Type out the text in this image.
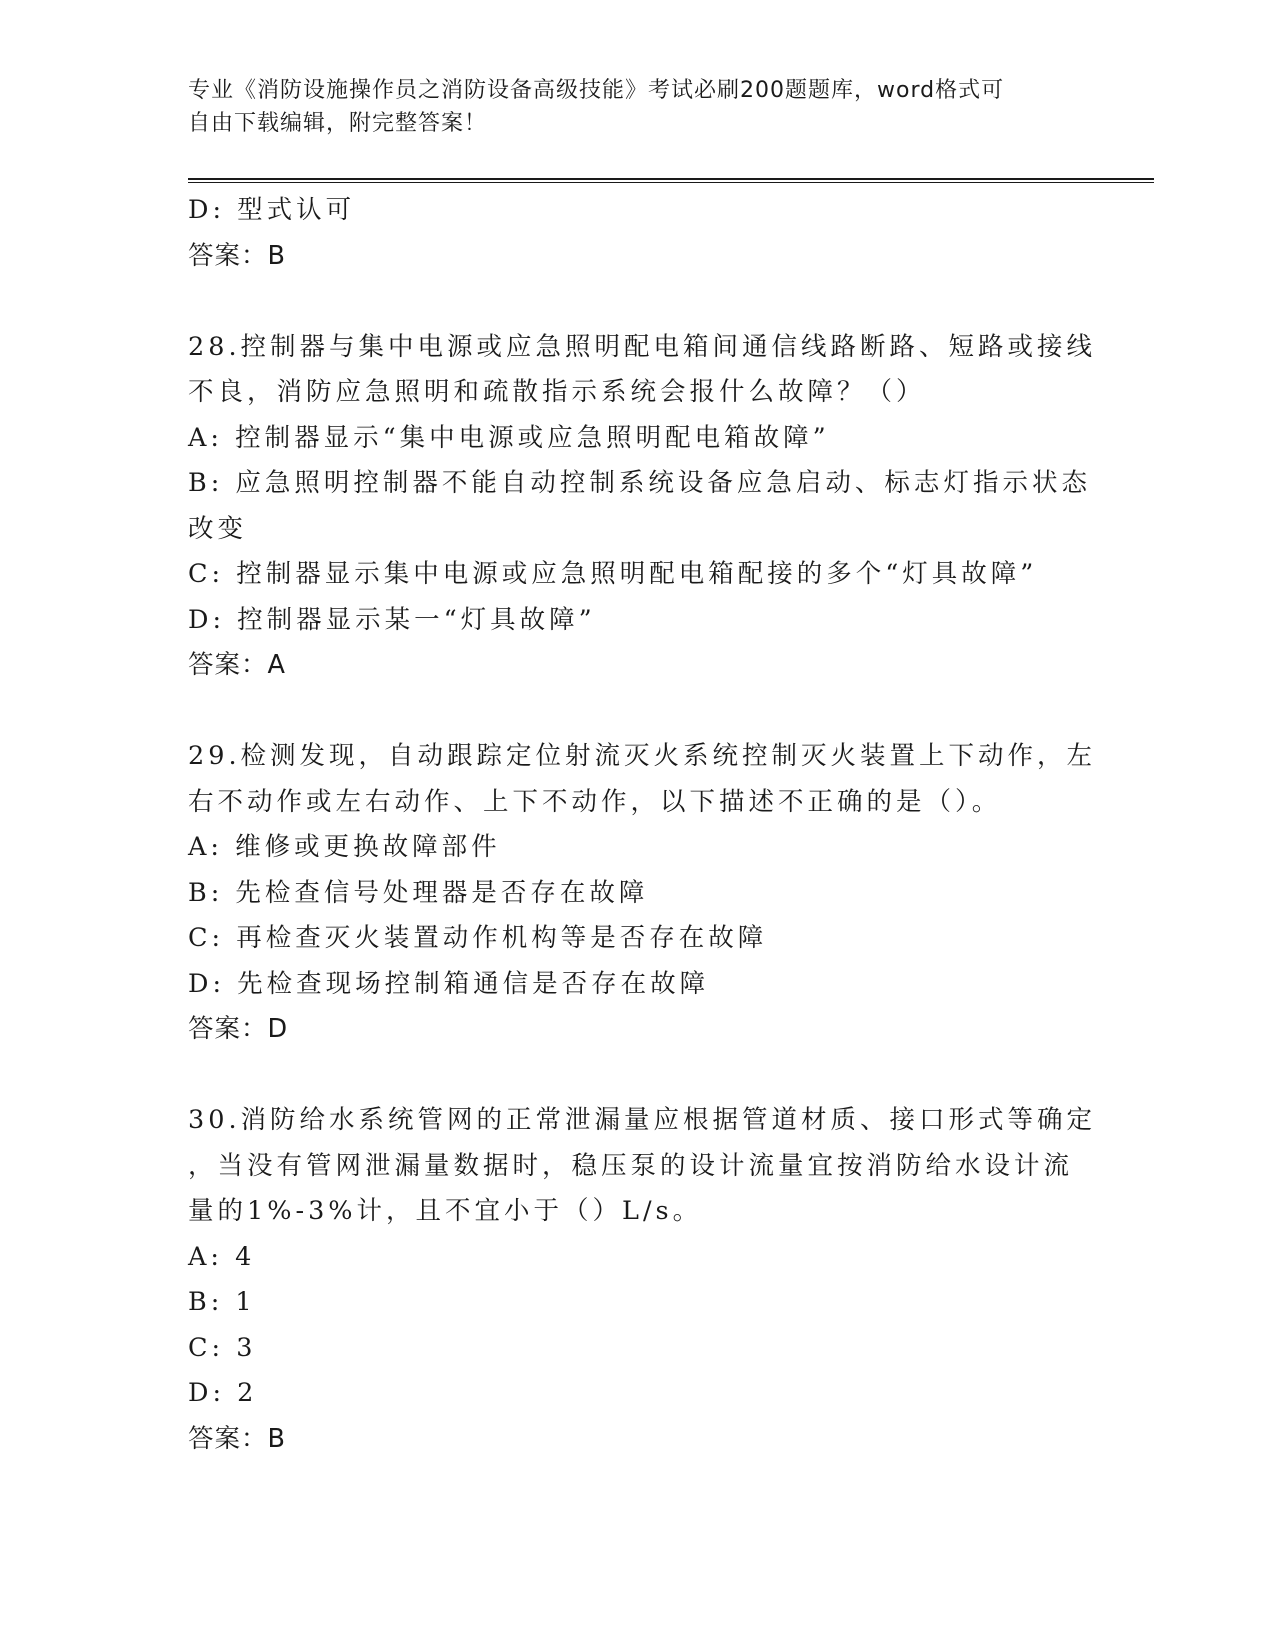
专业《消防设施操作员之消防设备高级技能》考试必刷200题题库，word格式可
自由下载编辑，附完整答案！
D: 型式认可
答案：B
28.控制器与集中电源或应急照明配电箱间通信线路断路、短路或接线
不良，消防应急照明和疏散指示系统会报什么故障？（）
A: 控制器显示“集中电源或应急照明配电箱故障”
B: 应急照明控制器不能自动控制系统设备应急启动、标志灯指示状态
改变
C: 控制器显示集中电源或应急照明配电箱配接的多个“灯具故障”
D: 控制器显示某一“灯具故障”
答案：A
29.检测发现，自动跟踪定位射流灭火系统控制灭火装置上下动作，左
右不动作或左右动作、上下不动作，以下描述不正确的是（）。
A: 维修或更换故障部件
B: 先检查信号处理器是否存在故障
C: 再检查灭火装置动作机构等是否存在故障
D: 先检查现场控制箱通信是否存在故障
答案：D
30.消防给水系统管网的正常泄漏量应根据管道材质、接口形式等确定
，当没有管网泄漏量数据时，稳压泵的设计流量宜按消防给水设计流
量的1%-3%计，且不宜小于（）L/s。
A: 4
B: 1
C: 3
D: 2
答案：B
